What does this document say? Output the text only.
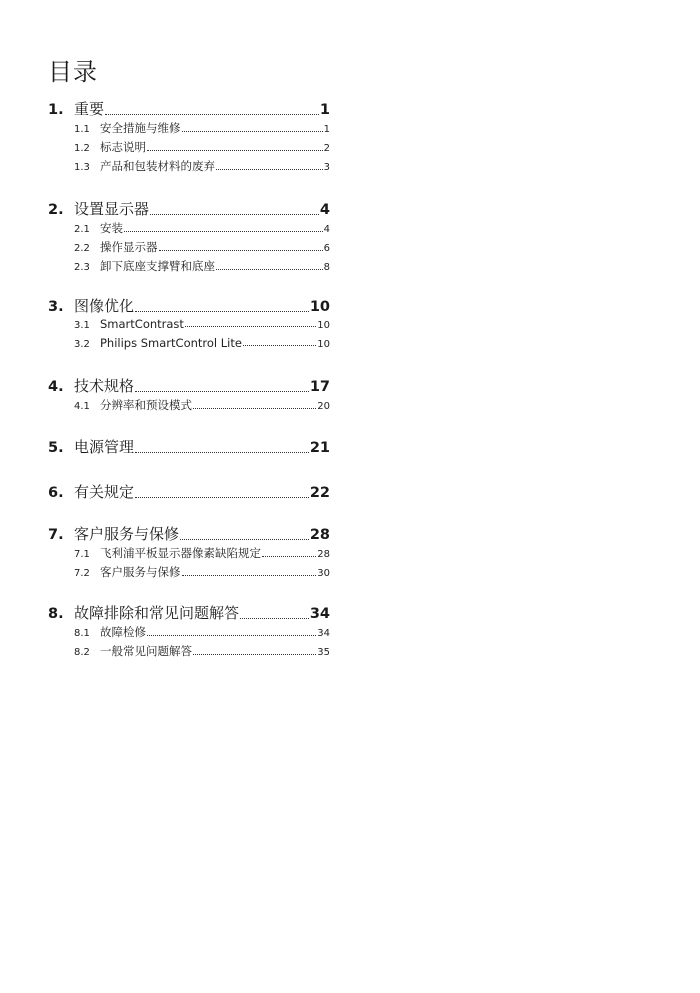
目录
1. 重要	1
1.1 安全措施与维修	1
1.2 标志说明	2
1.3 产品和包装材料的废弃	3
2. 设置显示器	4
2.1 安装	4
2.2 操作显示器	6
2.3 卸下底座支撑臂和底座	8
3. 图像优化	10
3.1 SmartContrast	10
3.2 Philips SmartControl Lite	10
4. 技术规格	17
4.1 分辨率和预设模式	20
5. 电源管理	21
6. 有关规定	22
7. 客户服务与保修	28
7.1 飞利浦平板显示器像素缺陷规定	28
7.2 客户服务与保修	30
8. 故障排除和常见问题解答	34
8.1 故障检修	34
8.2 一般常见问题解答	35
